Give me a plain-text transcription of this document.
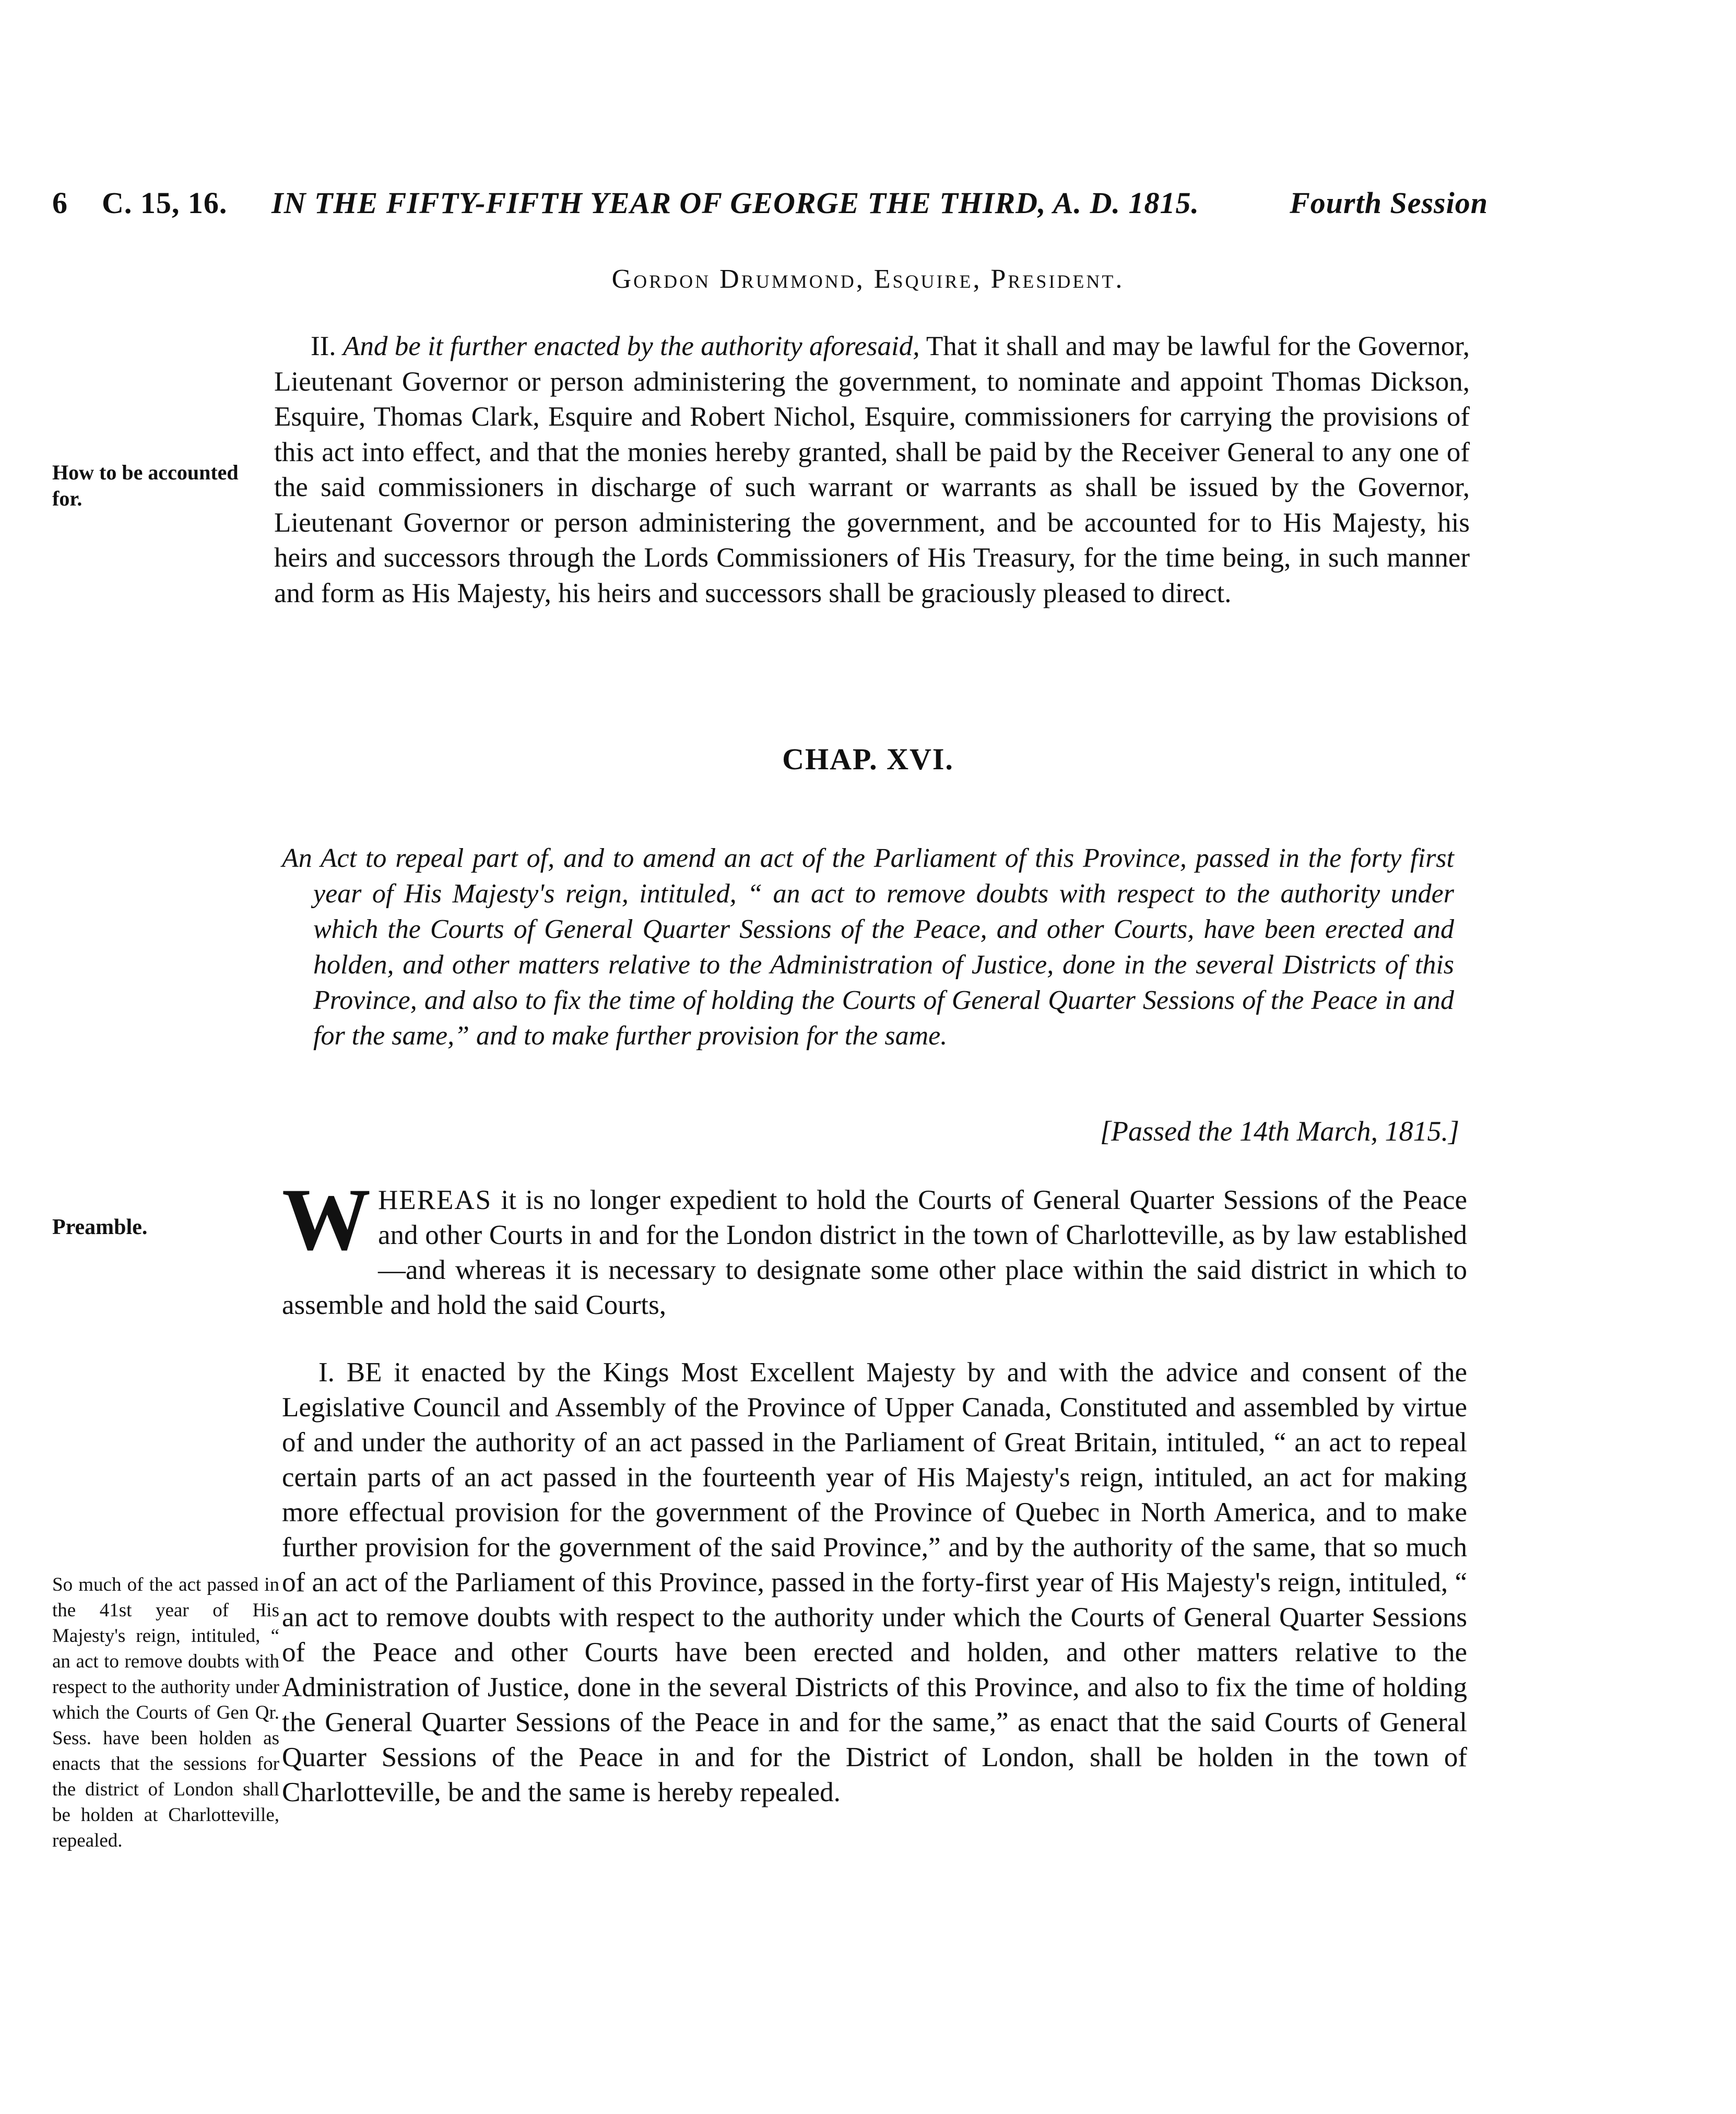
6 C. 15, 16. IN THE FIFTY-FIFTH YEAR OF GEORGE THE THIRD, A. D. 1815.	Fourth Session
Gordon Drummond, Esquire, President.
How to be accounted for.

II. And be it further enacted by the authority aforesaid, That it shall and may be lawful for the Governor, Lieutenant Governor or person administering the government, to nominate and appoint Thomas Dickson, Esquire, Thomas Clark, Esquire and Robert Nichol, Esquire, commissioners for carrying the provisions of this act into effect, and that the monies hereby granted, shall be paid by the Receiver General to any one of the said commissioners in discharge of such warrant or warrants as shall be issued by the Governor, Lieutenant Governor or person administering the government, and be accounted for to His Majesty, his heirs and successors through the Lords Commissioners of His Treasury, for the time being, in such manner and form as His Majesty, his heirs and successors shall be graciously pleased to direct.

CHAP. XVI.

An Act to repeal part of, and to amend an act of the Parliament of this Province, passed in the forty first year of His Majesty's reign, intituled, “ an act to remove doubts with respect to the authority under which the Courts of General Quarter Sessions of the Peace, and other Courts, have been erected and holden, and other matters relative to the Administration of Justice, done in the several Districts of this Province, and also to fix the time of holding the Courts of General Quarter Sessions of the Peace in and for the same,” and to make further provision for the same.

[Passed the 14th March, 1815.]
Preamble.	W HEREAS it is no longer expedient to hold the Courts of General Quarter Sessions of the Peace and other Courts in and for the London district in the town of Charlotteville, as by law established—and whereas it is necessary to designate some other place within the said district in which to assemble and hold the said Courts,

I. BE it enacted by the Kings Most Excellent Majesty by and with the advice and consent of the Legislative Council and Assembly of the Province of Upper Canada, Constituted and assembled by virtue of and under the authority of an act passed in the Parliament of Great Britain, intituled, “ an act to repeal certain parts of an act passed in the fourteenth year of His Majesty's reign, intituled, an act for making more effectual provision for the government of the Province of Quebec in North America, and to make further provision for the government of the said Province,” and by the authority of the same, that so much of an act of the Parliament of this Province, passed in the forty-first year of His Majesty's reign, intituled, “ an act to remove doubts with respect to the authority under which the Courts of General Quarter Sessions of the Peace and other Courts have been erected and holden, and other matters relative to the Administration of Justice, done in the several Districts of this Province, and also to fix the time of holding the General Quarter Sessions of the Peace in and for the same,” as enact that the said Courts of General Quarter Sessions of the Peace in and for the District of London, shall be holden in the town of Charlotteville, be and the same is hereby repealed.

So much of the act passed in the 41st year of His Majesty's reign, intituled, “ an act to remove doubts with respect to the authority under which the Courts of Gen Qr. Sess. have been holden as enacts that the sessions for the district of London shall be holden at Charlotteville, repealed.
